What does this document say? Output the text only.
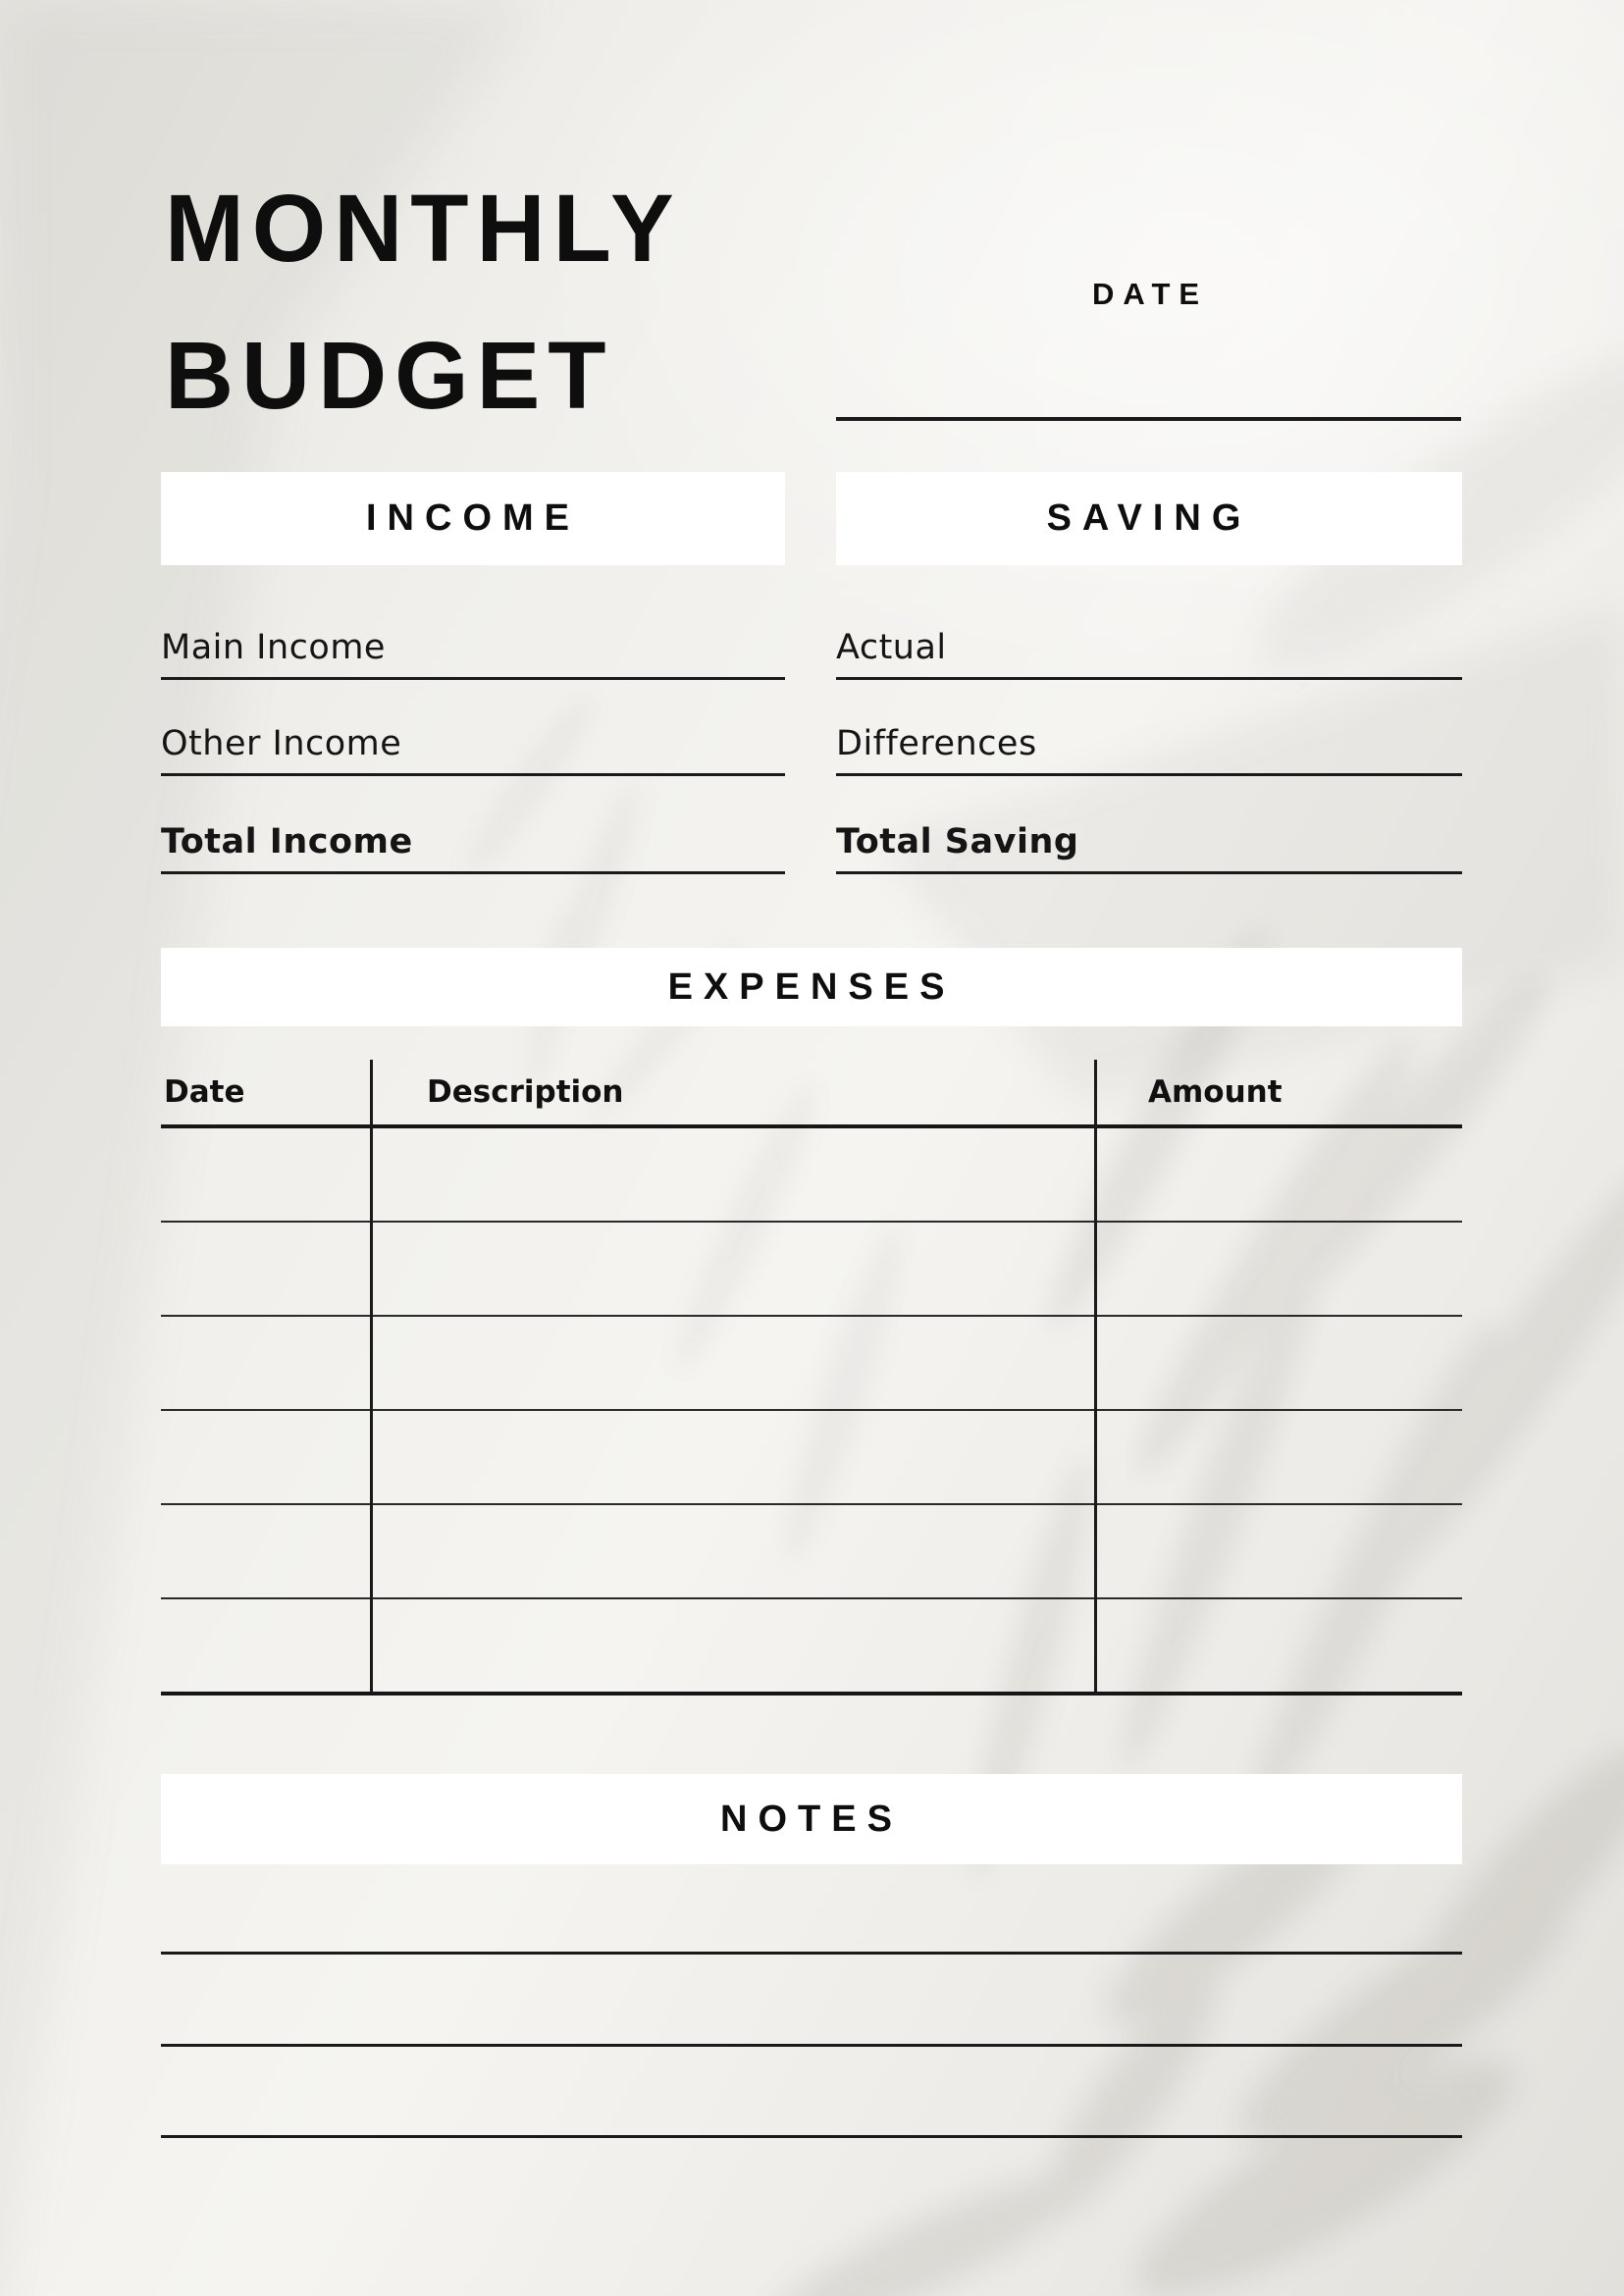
MONTHLY
BUDGET
DATE
INCOME	SAVING
Main Income
Other Income
Total Income
Actual
Differences
Total Saving
EXPENSES
Date	Description	Amount
NOTES
